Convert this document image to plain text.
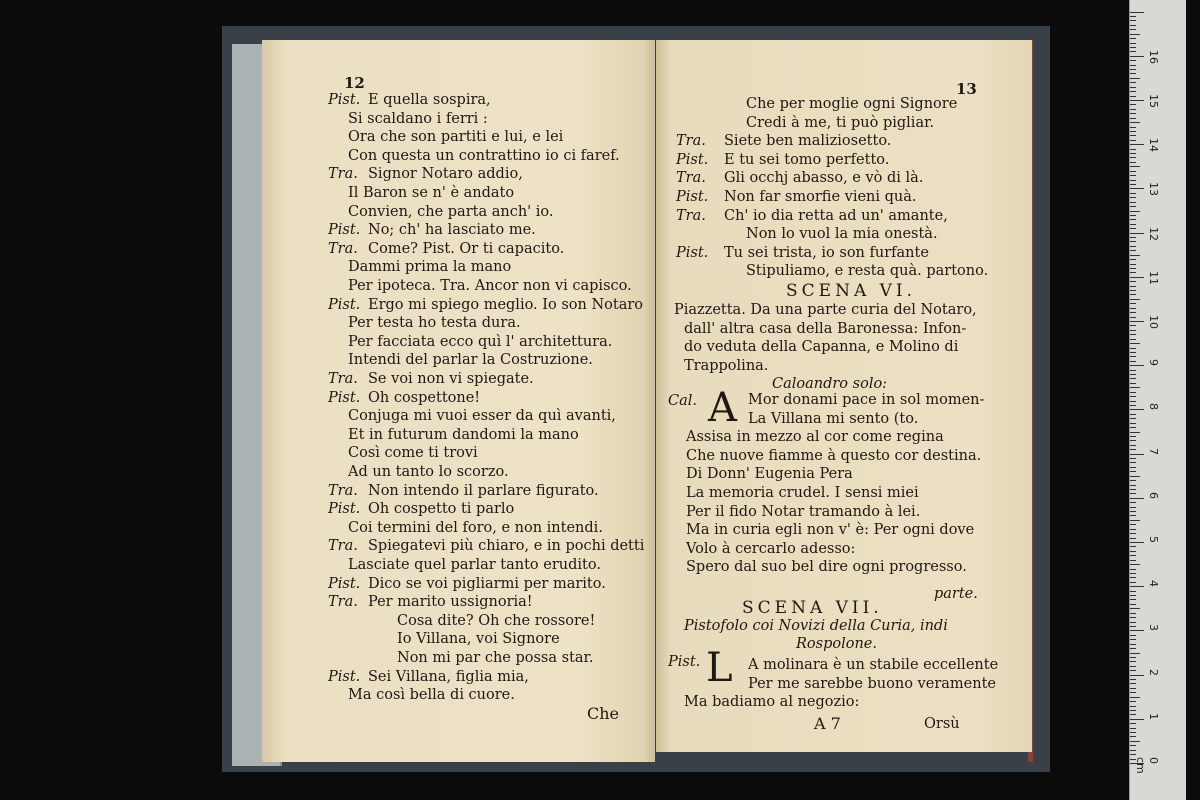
12
Pist. E quella sospira,
Si scaldano i ferri :
Ora che son partiti e lui, e lei
Con questa un contrattino io ci faref.
Tra. Signor Notaro addio,
Il Baron se n' è andato
Convien, che parta anch' io.
Pist. No; ch' ha lasciato me.
Tra. Come? Pist. Or ti capacito.
Dammi prima la mano
Per ipoteca. Tra. Ancor non vi capisco.
Pist. Ergo mi spiego meglio. Io son Notaro
Per testa ho testa dura.
Per facciata ecco quì l' architettura.
Intendi del parlar la Costruzione.
Tra. Se voi non vi spiegate.
Pist. Oh cospettone!
Conjuga mi vuoi esser da quì avanti,
Et in futurum dandomi la mano
Così come ti trovi
Ad un tanto lo scorzo.
Tra. Non intendo il parlare figurato.
Pist. Oh cospetto ti parlo
Coi termini del foro, e non intendi.
Tra. Spiegatevi più chiaro, e in pochi detti
Lasciate quel parlar tanto erudito.
Pist. Dico se voi pigliarmi per marito.
Tra. Per marito ussignoria!
Cosa dite? Oh che rossore!
Io Villana, voi Signore
Non mi par che possa star.
Pist. Sei Villana, figlia mia,
Ma così bella di cuore.
Che
13
Che per moglie ogni Signore
Credi à me, ti può pigliar.
Tra. Siete ben maliziosetto.
Pist. E tu sei tomo perfetto.
Tra. Gli occhj abasso, e vò di là.
Pist. Non far smorfie vieni quà.
Tra. Ch' io dia retta ad un' amante,
Non lo vuol la mia onestà.
Pist. Tu sei trista, io son furfante
Stipuliamo, e resta quà. partono.
SCENA VI.
Piazzetta. Da una parte curia del Notaro,
dall' altra casa della Baronessa: Infon-
do veduta della Capanna, e Molino di
Trappolina.
Caloandro solo:
Cal. A Mor donami pace in sol momen-
La Villana mi sento (to.
Assisa in mezzo al cor come regina
Che nuove fiamme à questo cor destina.
Di Donn' Eugenia Pera
La memoria crudel. I sensi miei
Per il fido Notar tramando à lei.
Ma in curia egli non v' è: Per ogni dove
Volo à cercarlo adesso:
Spero dal suo bel dire ogni progresso.
parte.
SCENA VII.
Pistofolo coi Novizi della Curia, indi
Rospolone.
Pist. L A molinara è un stabile eccellente
Per me sarebbe buono veramente
Ma badiamo al negozio:
A 7	Orsù
0 cm
1
2
3
4
5
6
7
8
9
10
11
12
13
14
15
16
